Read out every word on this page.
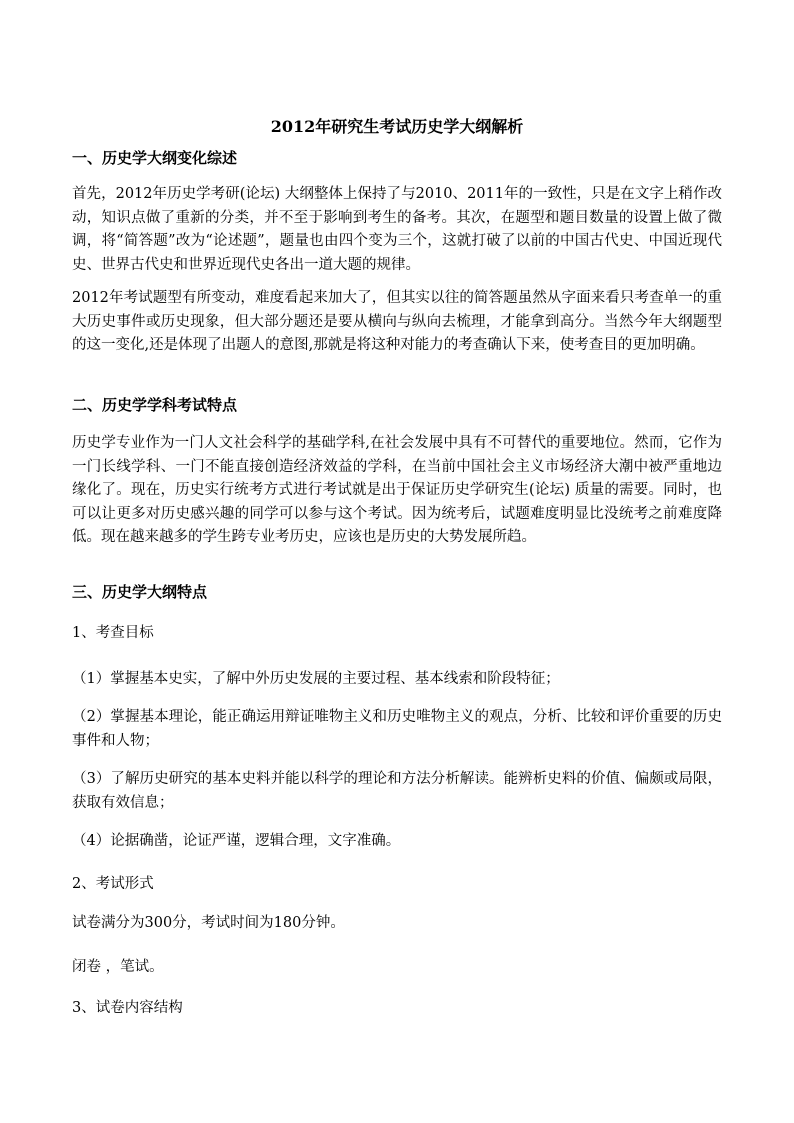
2012年研究生考试历史学大纲解析
一、历史学大纲变化综述
首先，2012年历史学考研(论坛) 大纲整体上保持了与2010、2011年的一致性，只是在文字上稍作改动，知识点做了重新的分类，并不至于影响到考生的备考。其次，在题型和题目数量的设置上做了微调，将“简答题”改为“论述题”，题量也由四个变为三个，这就打破了以前的中国古代史、中国近现代史、世界古代史和世界近现代史各出一道大题的规律。
2012年考试题型有所变动，难度看起来加大了，但其实以往的简答题虽然从字面来看只考查单一的重大历史事件或历史现象，但大部分题还是要从横向与纵向去梳理，才能拿到高分。当然今年大纲题型的这一变化,还是体现了出题人的意图,那就是将这种对能力的考查确认下来，使考查目的更加明确。
二、历史学学科考试特点
历史学专业作为一门人文社会科学的基础学科,在社会发展中具有不可替代的重要地位。然而，它作为一门长线学科、一门不能直接创造经济效益的学科，在当前中国社会主义市场经济大潮中被严重地边缘化了。现在，历史实行统考方式进行考试就是出于保证历史学研究生(论坛) 质量的需要。同时，也可以让更多对历史感兴趣的同学可以参与这个考试。因为统考后，试题难度明显比没统考之前难度降低。现在越来越多的学生跨专业考历史，应该也是历史的大势发展所趋。
三、历史学大纲特点
1、考查目标
（1）掌握基本史实，了解中外历史发展的主要过程、基本线索和阶段特征；
（2）掌握基本理论，能正确运用辩证唯物主义和历史唯物主义的观点，分析、比较和评价重要的历史事件和人物；
（3）了解历史研究的基本史料并能以科学的理论和方法分析解读。能辨析史料的价值、偏颇或局限，获取有效信息；
（4）论据确凿，论证严谨，逻辑合理，文字准确。
2、考试形式
试卷满分为300分，考试时间为180分钟。
闭卷 ，笔试。
3、试卷内容结构
